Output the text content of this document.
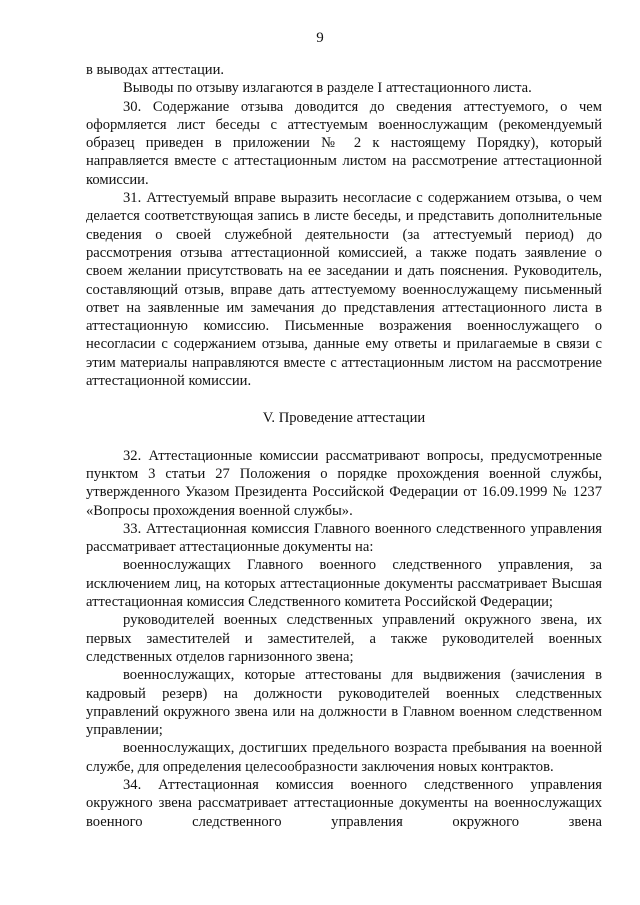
9

в выводах аттестации.

Выводы по отзыву излагаются в разделе I аттестационного листа.

30. Содержание отзыва доводится до сведения аттестуемого, о чем оформляется лист беседы с аттестуемым военнослужащим (рекомендуемый образец приведен в приложении № 2 к настоящему Порядку), который направляется вместе с аттестационным листом на рассмотрение аттестационной комиссии.

31. Аттестуемый вправе выразить несогласие с содержанием отзыва, о чем делается соответствующая запись в листе беседы, и представить дополнительные сведения о своей служебной деятельности (за аттестуемый период) до рассмотрения отзыва аттестационной комиссией, а также подать заявление о своем желании присутствовать на ее заседании и дать пояснения. Руководитель, составляющий отзыв, вправе дать аттестуемому военнослужащему письменный ответ на заявленные им замечания до представления аттестационного листа в аттестационную комиссию. Письменные возражения военнослужащего о несогласии с содержанием отзыва, данные ему ответы и прилагаемые в связи с этим материалы направляются вместе с аттестационным листом на рассмотрение аттестационной комиссии.

V. Проведение аттестации

32. Аттестационные комиссии рассматривают вопросы, предусмотренные пунктом 3 статьи 27 Положения о порядке прохождения военной службы, утвержденного Указом Президента Российской Федерации от 16.09.1999 № 1237 «Вопросы прохождения военной службы».

33. Аттестационная комиссия Главного военного следственного управления рассматривает аттестационные документы на:

военнослужащих Главного военного следственного управления, за исключением лиц, на которых аттестационные документы рассматривает Высшая аттестационная комиссия Следственного комитета Российской Федерации;

руководителей военных следственных управлений окружного звена, их первых заместителей и заместителей, а также руководителей военных следственных отделов гарнизонного звена;

военнослужащих, которые аттестованы для выдвижения (зачисления в кадровый резерв) на должности руководителей военных следственных управлений окружного звена или на должности в Главном военном следственном управлении;

военнослужащих, достигших предельного возраста пребывания на военной службе, для определения целесообразности заключения новых контрактов.

34. Аттестационная комиссия военного следственного управления окружного звена рассматривает аттестационные документы на военнослужащих военного следственного управления окружного звена
